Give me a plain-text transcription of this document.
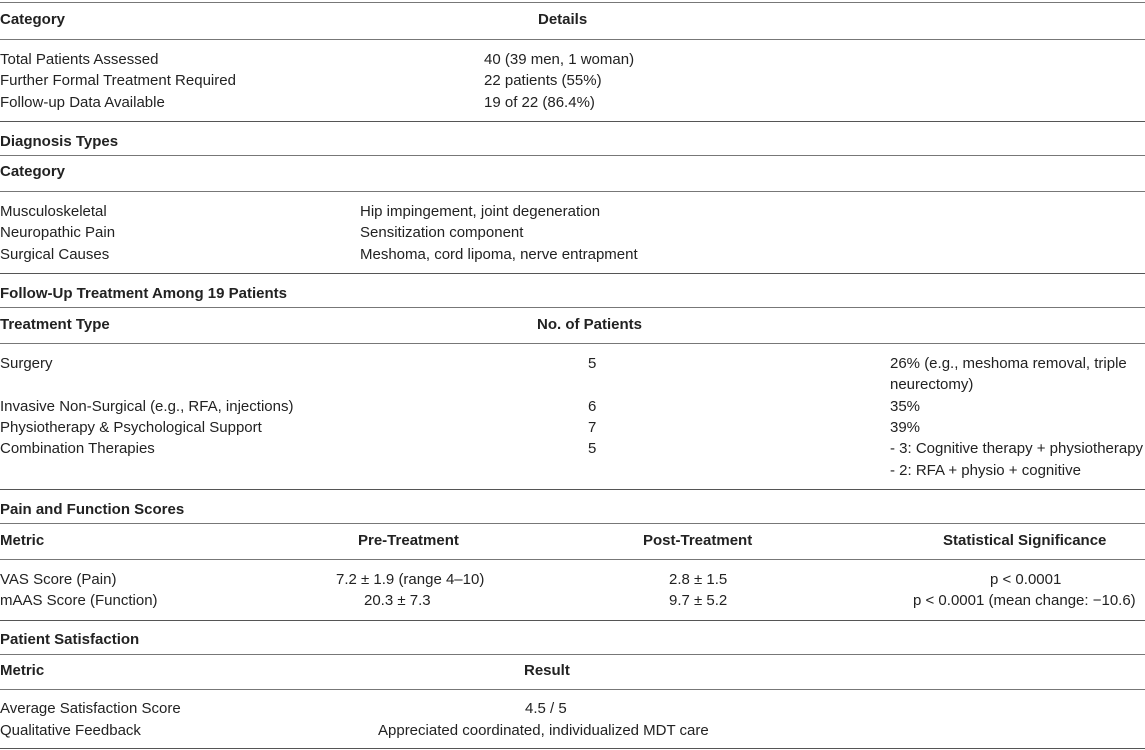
Category	Details
Total Patients Assessed	40 (39 men, 1 woman)
Further Formal Treatment Required	22 patients (55%)
Follow-up Data Available	19 of 22 (86.4%)
Diagnosis Types
Category
Musculoskeletal	Hip impingement, joint degeneration
Neuropathic Pain	Sensitization component
Surgical Causes	Meshoma, cord lipoma, nerve entrapment
Follow-Up Treatment Among 19 Patients
Treatment Type	No. of Patients
Surgery	5	26% (e.g., meshoma removal, triple
neurectomy)
Invasive Non-Surgical (e.g., RFA, injections)	6	35%
Physiotherapy & Psychological Support	7	39%
Combination Therapies	5	- 3: Cognitive therapy + physiotherapy
- 2: RFA + physio + cognitive
Pain and Function Scores
Metric	Pre-Treatment	Post-Treatment	Statistical Significance
VAS Score (Pain)	7.2 ± 1.9 (range 4–10)	2.8 ± 1.5	p < 0.0001
mAAS Score (Function)	20.3 ± 7.3	9.7 ± 5.2	p < 0.0001 (mean change: −10.6)
Patient Satisfaction
Metric	Result
Average Satisfaction Score	4.5 / 5
Qualitative Feedback	Appreciated coordinated, individualized MDT care
